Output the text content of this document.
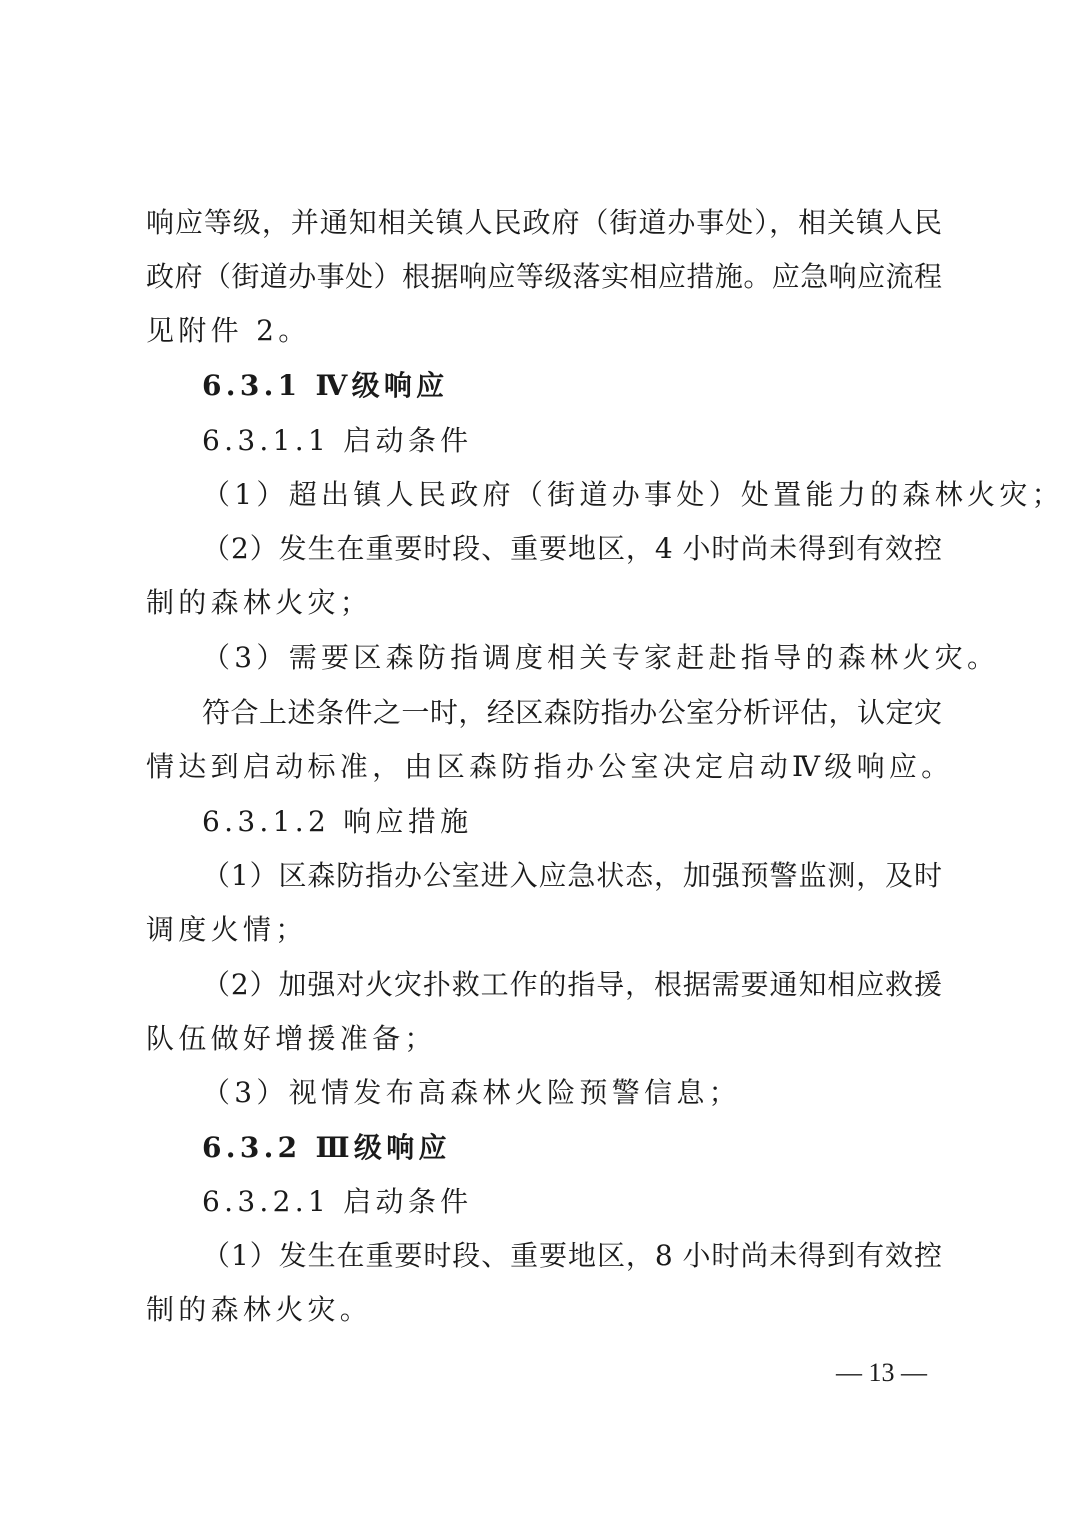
响应等级，并通知相关镇人民政府（街道办事处），相关镇人民
政府（街道办事处）根据响应等级落实相应措施。应急响应流程
见附件 2。
6.3.1 Ⅳ级响应
6.3.1.1 启动条件
（1）超出镇人民政府（街道办事处）处置能力的森林火灾；
（2）发生在重要时段、重要地区，4 小时尚未得到有效控
制的森林火灾；
（3）需要区森防指调度相关专家赶赴指导的森林火灾。
符合上述条件之一时，经区森防指办公室分析评估，认定灾
情达到启动标准，由区森防指办公室决定启动Ⅳ级响应。
6.3.1.2 响应措施
（1）区森防指办公室进入应急状态，加强预警监测，及时
调度火情；
（2）加强对火灾扑救工作的指导，根据需要通知相应救援
队伍做好增援准备；
（3）视情发布高森林火险预警信息；
6.3.2 Ⅲ级响应
6.3.2.1 启动条件
（1）发生在重要时段、重要地区，8 小时尚未得到有效控
制的森林火灾。
— 13 —
